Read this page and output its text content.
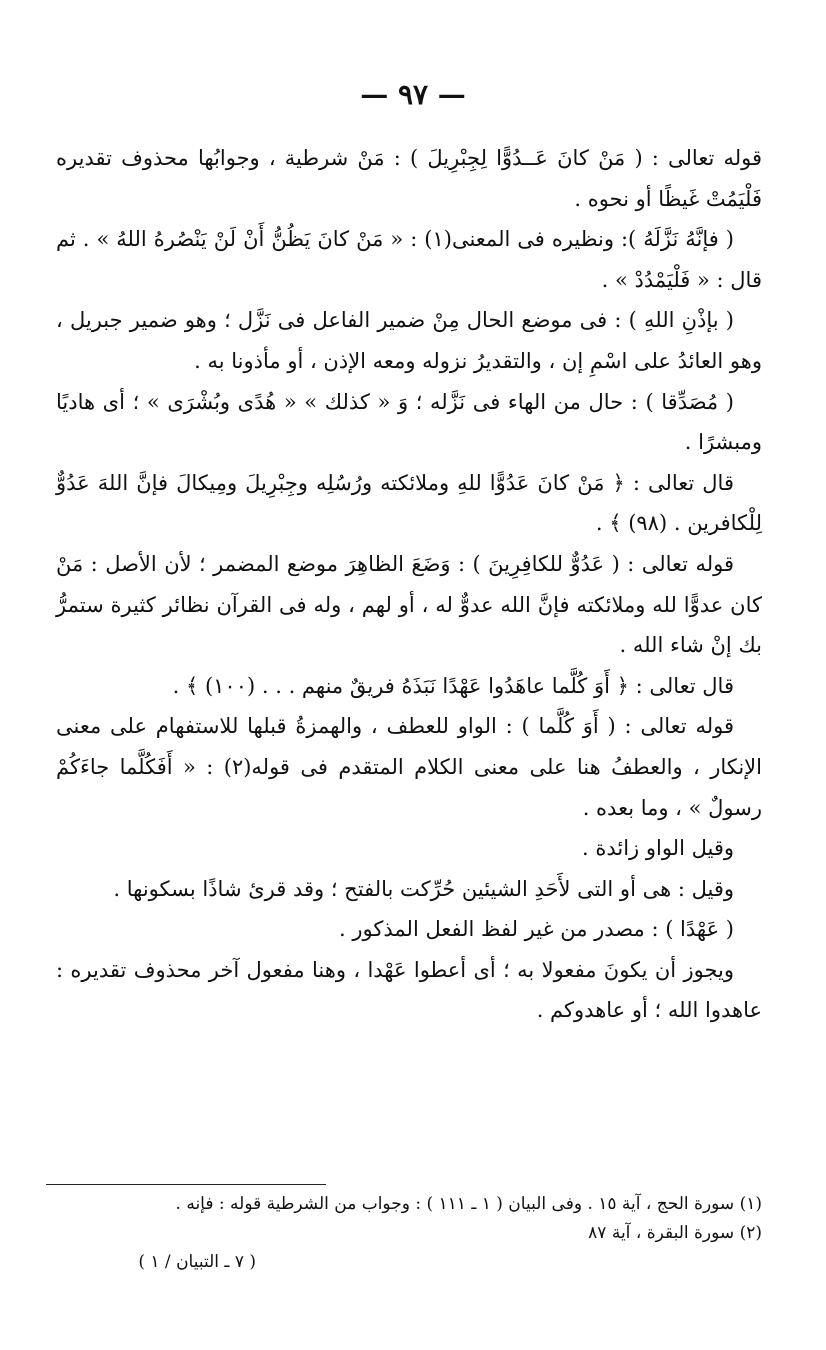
— ٩٧ —

قوله تعالى : ( مَنْ كانَ عَــدُوًّا لِجِبْرِيلَ ) : مَنْ شرطية ، وجوابُها محذوف تقديره فَلْيَمُتْ غَيظًا أو نحوه .

( فإنَّهُ نَزَّلَهُ ): ونظيره فى المعنى(١) : « مَنْ كانَ يَظُنُّ أَنْ لَنْ يَنْصُرهُ اللهُ » . ثم قال : « فَلْيَمْدُدْ » .

( بإذْنِ اللهِ ) : فى موضع الحال مِنْ ضمير الفاعل فى نَزَّل ؛ وهو ضمير جبريل ، وهو العائدُ على اسْمِ إن ، والتقديرُ نزوله ومعه الإذن ، أو مأذونا به .

( مُصَدِّقا ) : حال من الهاء فى نَزَّله ؛ وَ « كذلك » « هُدًى وبُشْرَى » ؛ أى هاديًا ومبشرًا .

قال تعالى : ﴿ مَنْ كانَ عَدُوًّا للهِ وملائكته ورُسُلِه وجِبْرِيلَ ومِيكالَ فإنَّ اللهَ عَدُوٌّ لِلْكافرين . (٩٨) ﴾ .

قوله تعالى : ( عَدُوٌّ للكافِرِينَ ) : وَضَعَ الظاهِرَ موضع المضمر ؛ لأن الأصل : مَنْ كان عدوًّا لله وملائكته فإنَّ الله عدوٌّ له ، أو لهم ، وله فى القرآن نظائر كثيرة ستمرُّ بك إنْ شاء الله .

قال تعالى : ﴿ أَوَ كُلَّما عاهَدُوا عَهْدًا نَبَذَهُ فريقٌ منهم . . . (١٠٠) ﴾ .

قوله تعالى : ( أَوَ كُلَّما ) : الواو للعطف ، والهمزةُ قبلها للاستفهام على معنى الإنكار ، والعطفُ هنا على معنى الكلام المتقدم فى قوله(٢) : « أَفَكُلَّما جاءَكُمْ رسولٌ » ، وما بعده .

وقيل الواو زائدة .

وقيل : هى أو التى لأَحَدِ الشيئين حُرِّكت بالفتح ؛ وقد قرئ شاذًا بسكونها .

( عَهْدًا ) : مصدر من غير لفظ الفعل المذكور .

ويجوز أن يكونَ مفعولا به ؛ أى أعطوا عَهْدا ، وهنا مفعول آخر محذوف تقديره : عاهدوا الله ؛ أو عاهدوكم .

(١) سورة الحج ، آية ١٥ . وفى البيان ( ١ ـ ١١١ ) : وجواب من الشرطية قوله : فإنه .

(٢) سورة البقرة ، آية ٨٧

( ٧ ـ التبيان / ١ )
